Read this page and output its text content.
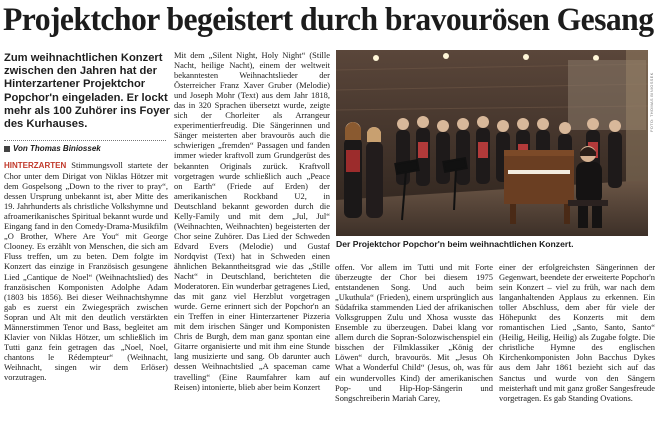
Projektchor begeistert durch bravourösen Gesang
Zum weihnachtlichen Konzert zwischen den Jahren hat der Hinterzartener Projektchor Popchor'n eingeladen. Er lockt mehr als 100 Zuhörer ins Foyer des Kurhauses.
Von Thomas Biniossek
HINTERZARTEN Stimmungsvoll startete der Chor unter dem Dirigat von Niklas Hötzer mit dem Gospelsong „Down to the river to pray“, dessen Ursprung unbekannt ist, aber Mitte des 19. Jahrhunderts als christliche Volkshymne und afroamerikanisches Spiritual bekannt wurde und Eingang fand in den Comedy-Drama-Musikfilm „O Brother, Where Are You“ mit George Clooney. Es erzählt von Menschen, die sich am Fluss treffen, um zu beten. Dem folgte im Konzert das einzige in Französisch gesungene Lied „Cantique de Noel“ (Weihnachtslied) des französischen Komponisten Adolphe Adam (1803 bis 1856). Bei dieser Weihnachtshymne gab es zuerst ein Zwiegespräch zwischen Sopran und Alt mit den deutlich verstärkten Männerstimmen Tenor und Bass, begleitet am Klavier von Niklas Hötzer, um schließlich im Tutti ganz fein getragen das „Noel, Noel, chantons le Rédempteur“ (Weihnacht, Weihnacht, singen wir dem Erlöser) vorzutragen.
Mit dem „Silent Night, Holy Night“ (Stille Nacht, heilige Nacht), einem der weltweit bekanntesten Weihnachtslieder der Österreicher Franz Xaver Gruber (Melodie) und Joseph Mohr (Text) aus dem Jahr 1818, das in 320 Sprachen übersetzt wurde, zeigte sich der Chorleiter als Arrangeur experimentierfreudig. Die Sängerinnen und Sänger meisterten aber bravourös auch die schwierigen „fremden“ Passagen und fanden immer wieder kraftvoll zum Grundgerüst des bekannten Originals zurück. Kraftvoll vorgetragen wurde schließlich auch „Peace on Earth“ (Friede auf Erden) der amerikanischen Rockband U2, in Deutschland bekannt geworden durch die Kelly-Family und mit dem „Jul, Jul“ (Weihnachten, Weihnachten) begeisterten der Chor seine Zuhörer. Das Lied der Schweden Edvard Evers (Melodie) und Gustaf Nordqvist (Text) hat in Schweden einen ähnlichen Bekanntheitsgrad wie das „Stille Nacht“ in Deutschland, berichteten die Moderatoren. Ein wunderbar getragenes Lied, das mit ganz viel Herzblut vorgetragen wurde. Gerne erinnert sich der Popchor'n an ein Treffen in einer Hinterzartener Pizzeria mit dem irischen Sänger und Komponisten Chris de Burgh, dem man ganz spontan eine Gitarre organisierte und mit ihm eine Stunde lang musizierte und sang. Ob darunter auch dessen Weihnachtslied „A spaceman came travelling“ (Eine Raumfahrer kam auf Reisen) intonierte, blieb aber beim Konzert
FOTO: THOMAS BINIOSSEK
Der Projektchor Popchor'n beim weihnachtlichen Konzert.
offen. Vor allem im Tutti und mit Forte überzeugte der Chor bei diesem 1975 entstandenen Song. Und auch beim „Ukuthula“ (Frieden), einem ursprünglich aus Südafrika stammenden Lied der afrikanischen Volksgruppen Zulu und Xhosa wusste das Ensemble zu überzeugen. Dabei klang vor allem durch die Sopran-Solozwischenspiel ein bisschen der Filmklassiker „König der Löwen“ durch, bravourös. Mit „Jesus Oh What a Wonderful Child“ (Jesus, oh, was für ein wundervolles Kind) der amerikanischen Pop- und Hip-Hop-Sängerin und Songschreiberin Mariah Carey,
einer der erfolgreichsten Sängerinnen der Gegenwart, beendete der erweiterte Popchor'n sein Konzert – viel zu früh, war nach dem langanhaltenden Applaus zu erkennen. Ein toller Abschluss, dem aber für viele der Höhepunkt des Konzerts mit dem romantischen Lied „Santo, Santo, Santo“ (Heilig, Heilig, Heilig) als Zugabe folgte. Die christliche Hymne des englischen Kirchenkomponisten John Bacchus Dykes aus dem Jahr 1861 bezieht sich auf das Sanctus und wurde von den Sängern meisterhaft und mit ganz großer Sangesfreude vorgetragen. Es gab Standing Ovations.
